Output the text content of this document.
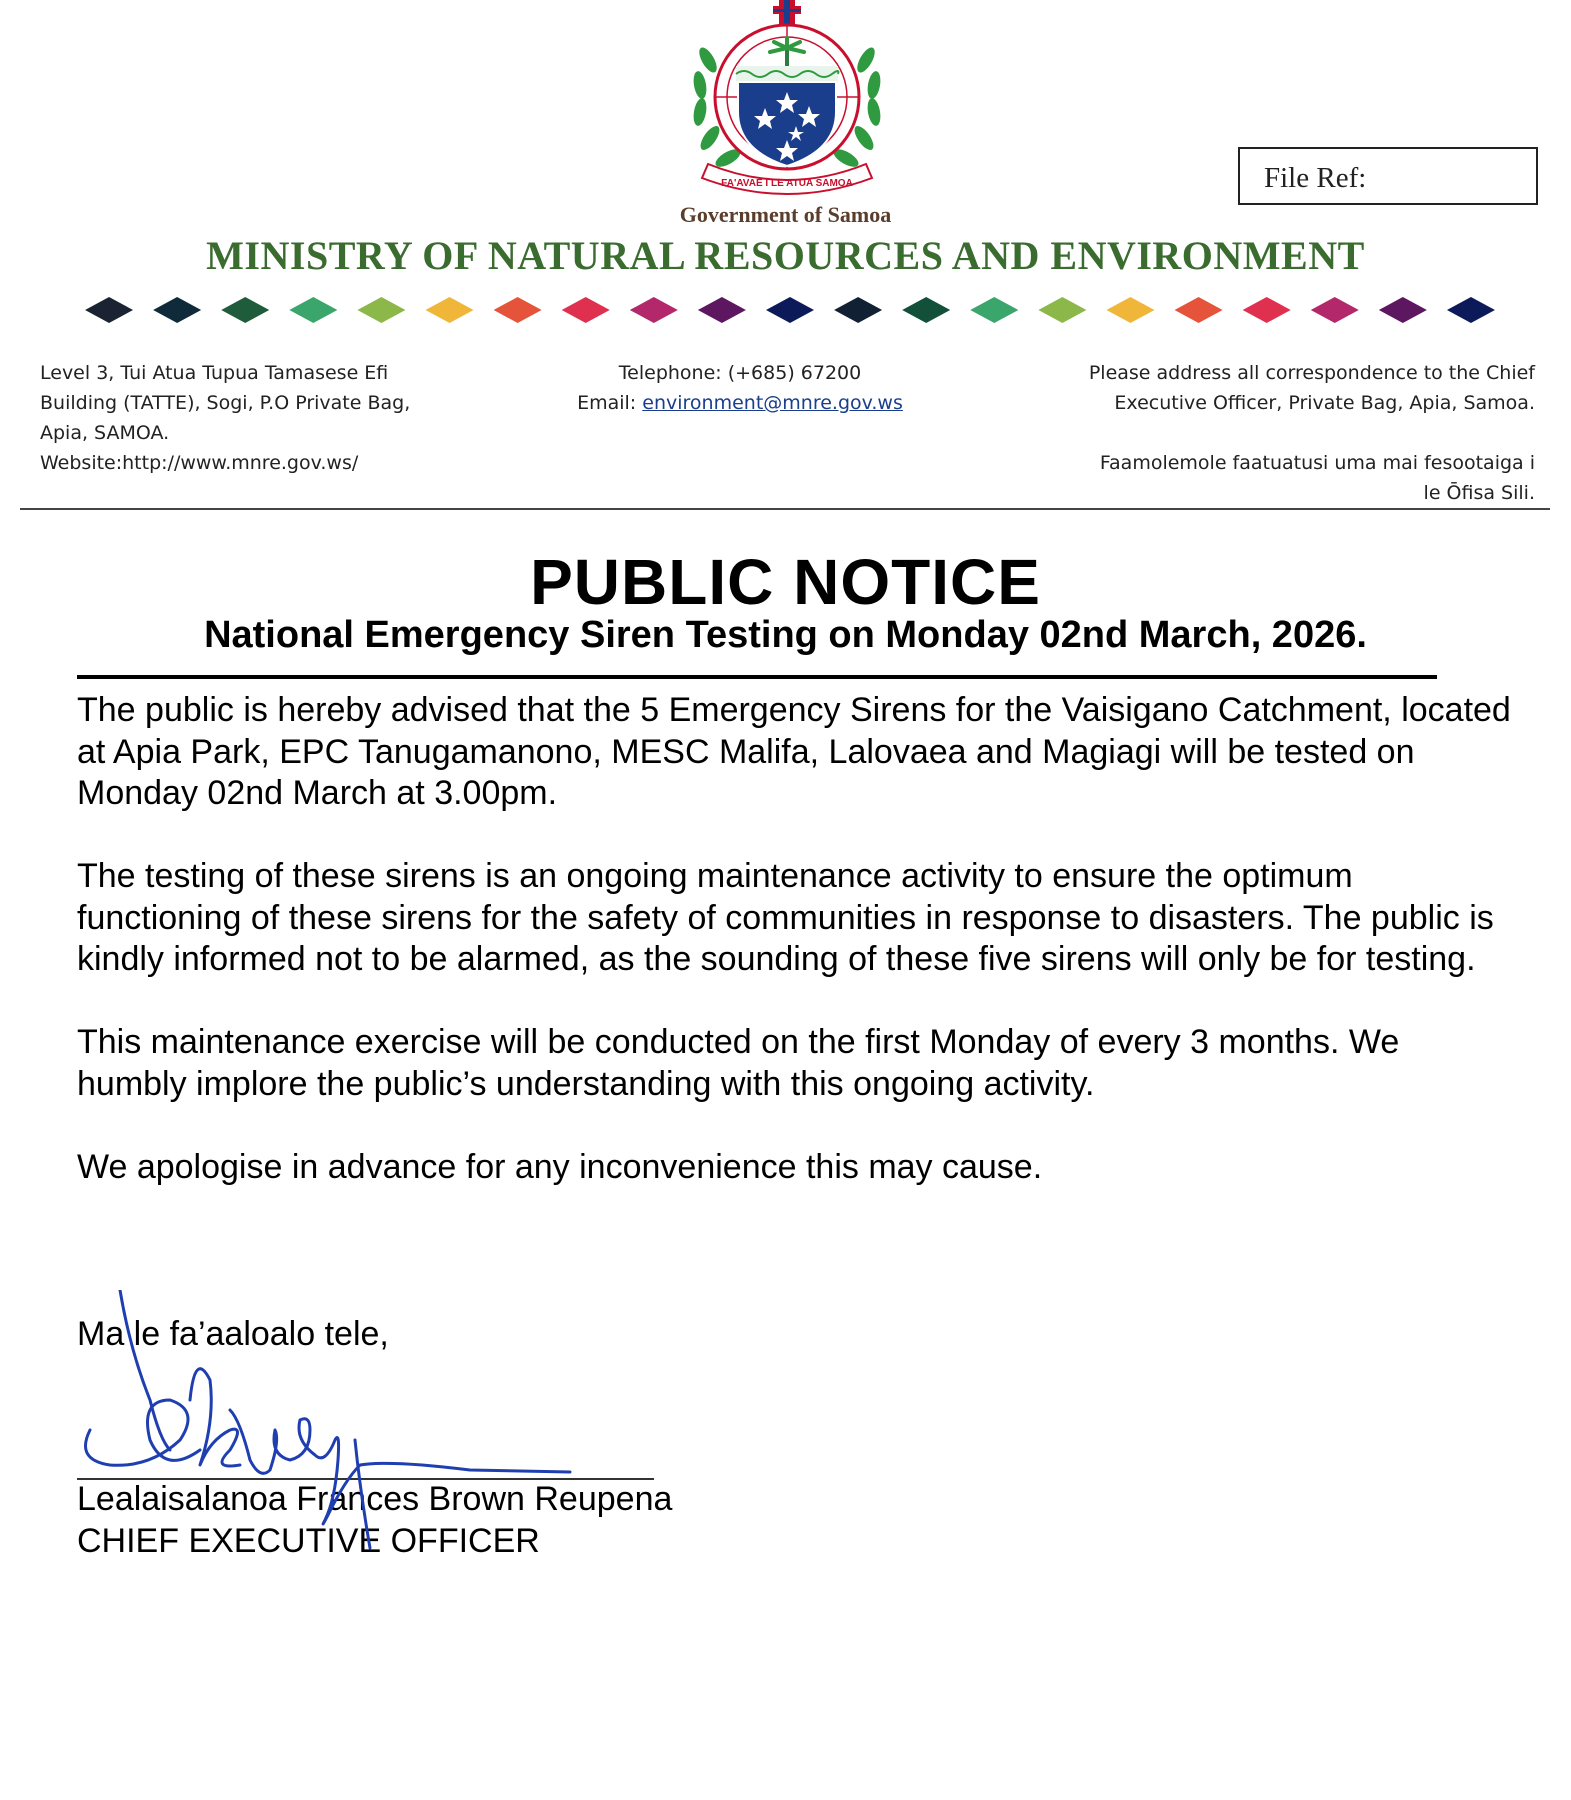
FA'AVAE I LE ATUA SAMOA	File Ref:
Government of Samoa
MINISTRY OF NATURAL RESOURCES AND ENVIRONMENT
Level 3, Tui Atua Tupua Tamasese Efi
Building (TATTE), Sogi, P.O Private Bag,
Apia, SAMOA.
Website:http://www.mnre.gov.ws/
Telephone: (+685) 67200
Email: environment@mnre.gov.ws
Please address all correspondence to the Chief
Executive Officer, Private Bag, Apia, Samoa.
Faamolemole faatuatusi uma mai fesootaiga i
le Ōfisa Sili.
PUBLIC NOTICE
National Emergency Siren Testing on Monday 02nd March, 2026.

The public is hereby advised that the 5 Emergency Sirens for the Vaisigano Catchment, located at Apia Park, EPC Tanugamanono, MESC Malifa, Lalovaea and Magiagi will be tested on Monday 02nd March at 3.00pm.

The testing of these sirens is an ongoing maintenance activity to ensure the optimum functioning of these sirens for the safety of communities in response to disasters. The public is kindly informed not to be alarmed, as the sounding of these five sirens will only be for testing.

This maintenance exercise will be conducted on the first Monday of every 3 months. We humbly implore the public’s understanding with this ongoing activity.

We apologise in advance for any inconvenience this may cause.

Ma le fa’aaloalo tele,
Lealaisalanoa Frances Brown Reupena
CHIEF EXECUTIVE OFFICER
